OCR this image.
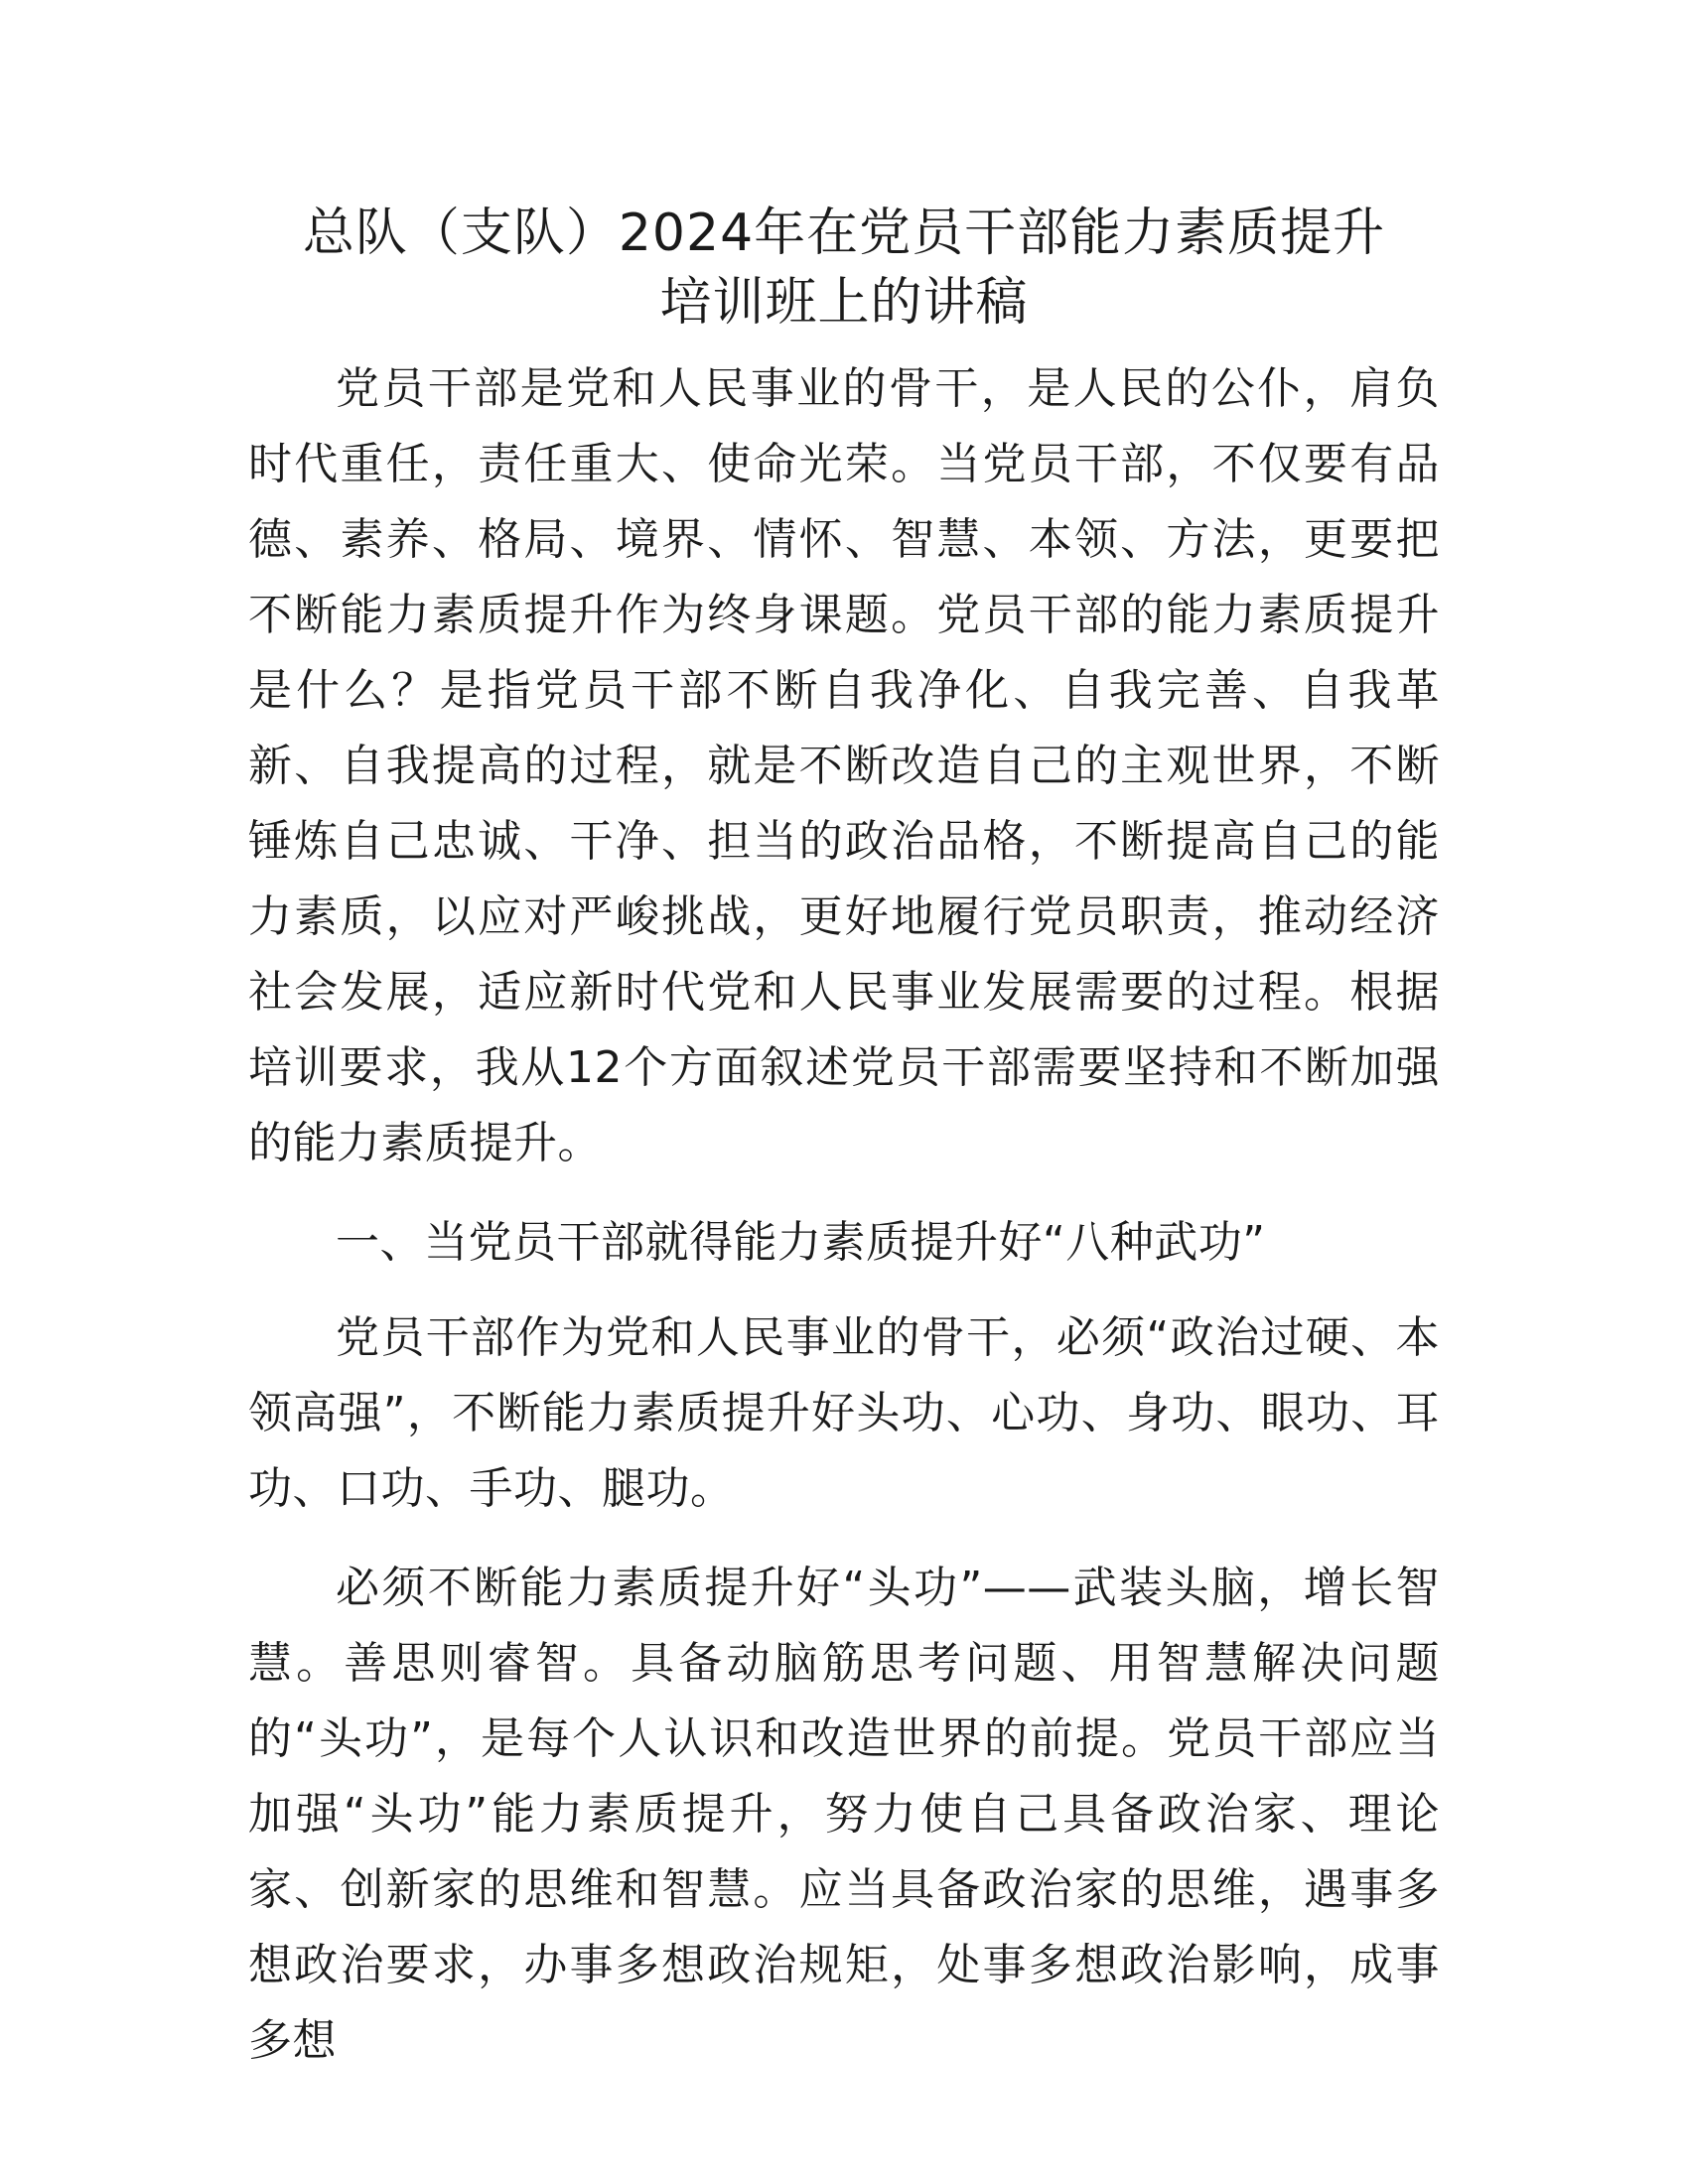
总队（支队）2024年在党员干部能力素质提升
培训班上的讲稿

党员干部是党和人民事业的骨干，是人民的公仆，肩负时代重任，责任重大、使命光荣。当党员干部，不仅要有品德、素养、格局、境界、情怀、智慧、本领、方法，更要把不断能力素质提升作为终身课题。党员干部的能力素质提升是什么？是指党员干部不断自我净化、自我完善、自我革新、自我提高的过程，就是不断改造自己的主观世界，不断锤炼自己忠诚、干净、担当的政治品格，不断提高自己的能力素质，以应对严峻挑战，更好地履行党员职责，推动经济社会发展，适应新时代党和人民事业发展需要的过程。根据培训要求，我从12个方面叙述党员干部需要坚持和不断加强的能力素质提升。

一、当党员干部就得能力素质提升好“八种武功”

党员干部作为党和人民事业的骨干，必须“政治过硬、本领高强”，不断能力素质提升好头功、心功、身功、眼功、耳功、口功、手功、腿功。

必须不断能力素质提升好“头功”——武装头脑，增长智慧。善思则睿智。具备动脑筋思考问题、用智慧解决问题的“头功”，是每个人认识和改造世界的前提。党员干部应当加强“头功”能力素质提升，努力使自己具备政治家、理论家、创新家的思维和智慧。应当具备政治家的思维，遇事多想政治要求，办事多想政治规矩，处事多想政治影响，成事多想
